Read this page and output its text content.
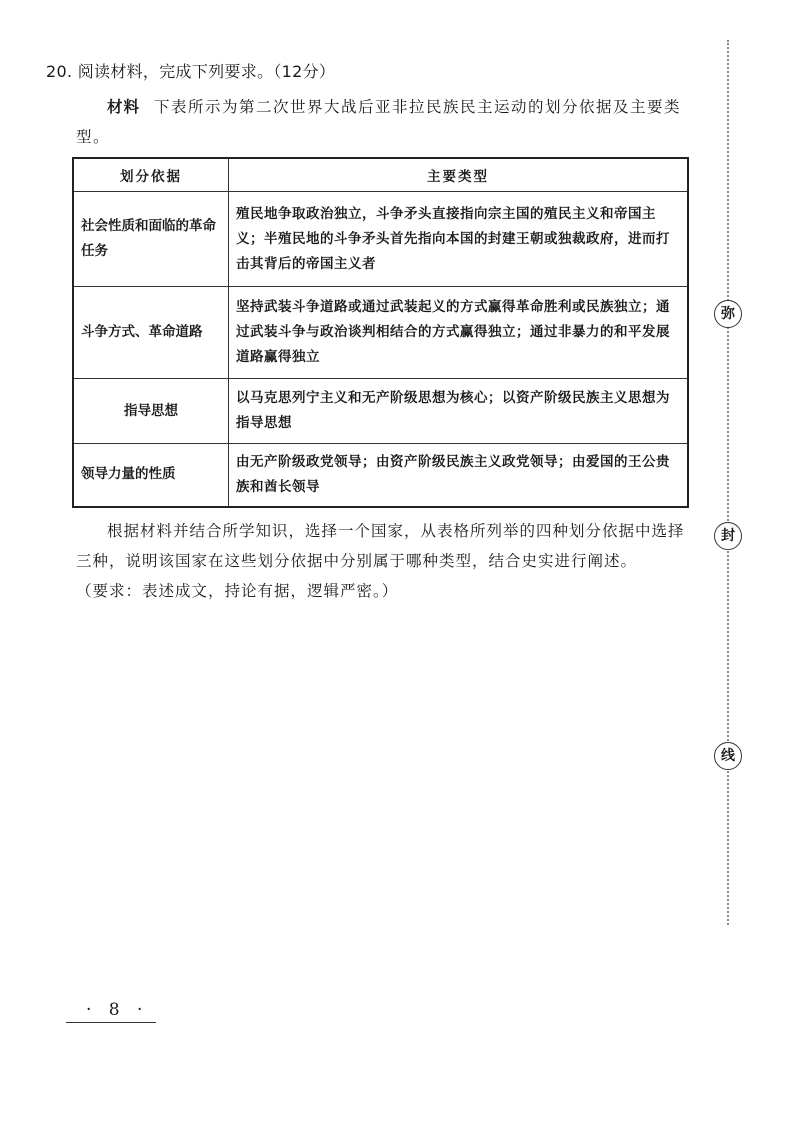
20. 阅读材料，完成下列要求。（12分）
材料 下表所示为第二次世界大战后亚非拉民族民主运动的划分依据及主要类型。
划分依据	主要类型
社会性质和面临的革命任务	殖民地争取政治独立，斗争矛头直接指向宗主国的殖民主义和帝国主义；半殖民地的斗争矛头首先指向本国的封建王朝或独裁政府，进而打击其背后的帝国主义者
斗争方式、革命道路	坚持武装斗争道路或通过武装起义的方式赢得革命胜利或民族独立；通过武装斗争与政治谈判相结合的方式赢得独立；通过非暴力的和平发展道路赢得独立
指导思想	以马克思列宁主义和无产阶级思想为核心；以资产阶级民族主义思想为指导思想
领导力量的性质	由无产阶级政党领导；由资产阶级民族主义政党领导；由爱国的王公贵族和酋长领导
根据材料并结合所学知识，选择一个国家，从表格所列举的四种划分依据中选择三种，说明该国家在这些划分依据中分别属于哪种类型，结合史实进行阐述。
（要求：表述成文，持论有据，逻辑严密。）
· 8 ·
弥
封
线
